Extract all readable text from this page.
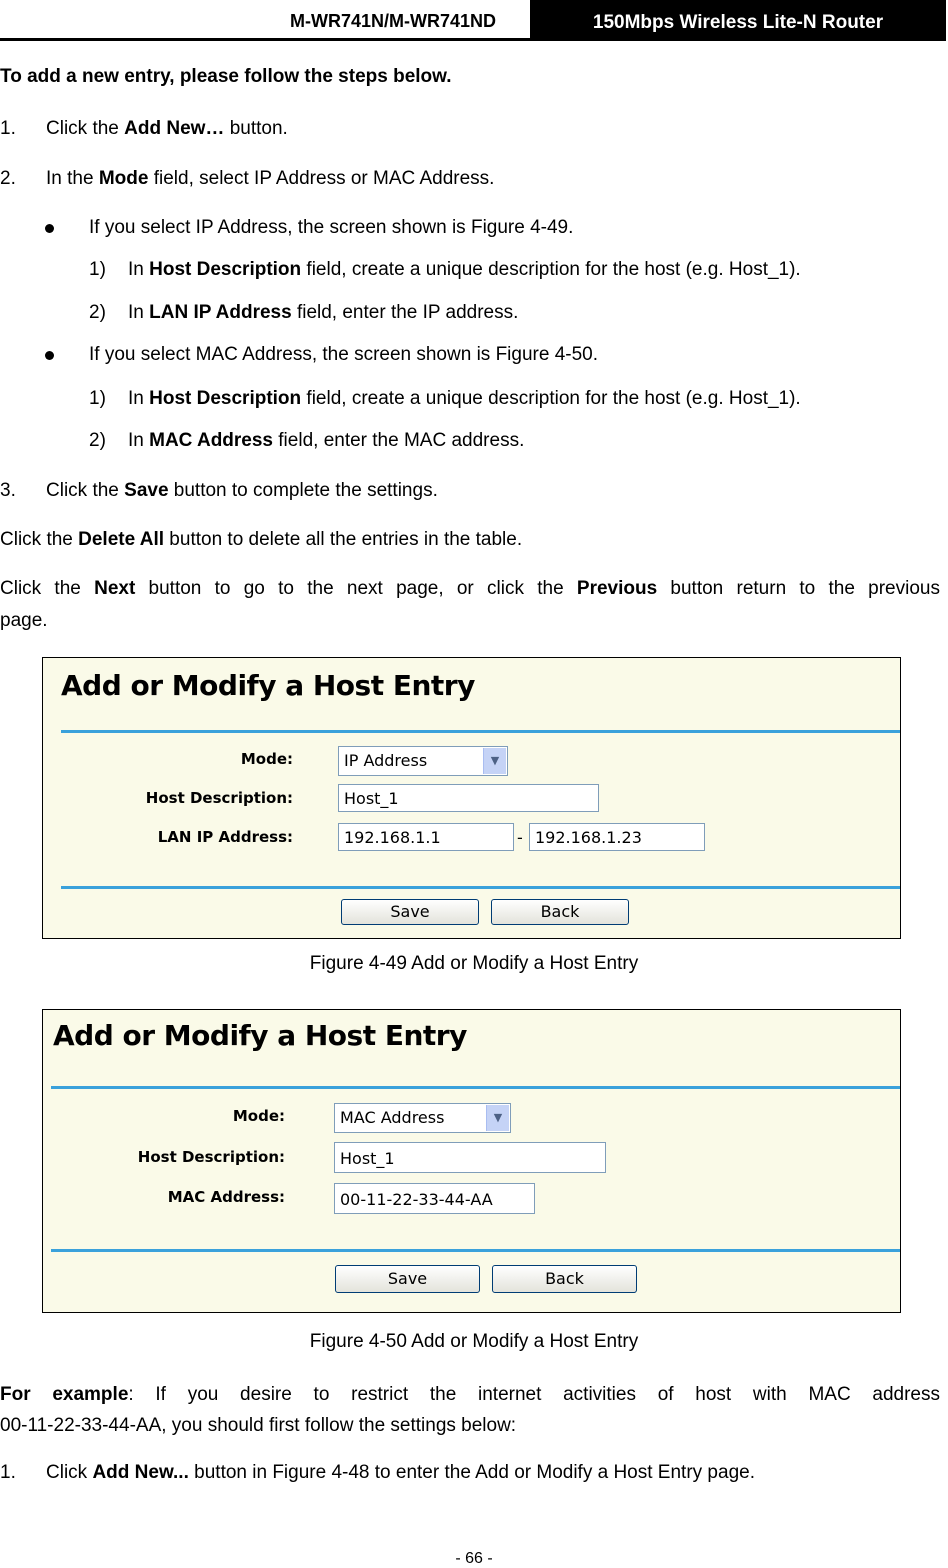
M-WR741N/M-WR741ND	150Mbps Wireless Lite-N Router
To add a new entry, please follow the steps below.
1. Click the Add New… button.
2. In the Mode field, select IP Address or MAC Address.
If you select IP Address, the screen shown is Figure 4-49.
1) In Host Description field, create a unique description for the host (e.g. Host_1).
2) In LAN IP Address field, enter the IP address.
If you select MAC Address, the screen shown is Figure 4-50.
1) In Host Description field, create a unique description for the host (e.g. Host_1).
2) In MAC Address field, enter the MAC address.
3. Click the Save button to complete the settings.
Click the Delete All button to delete all the entries in the table.
Click the Next button to go to the next page, or click the Previous button return to the previous
page.
Add or Modify a Host Entry
Mode:	IP Address	▼
Host Description:	Host_1
LAN IP Address:	192.168.1.1	- 192.168.1.23
Save	Back
Figure 4-49 Add or Modify a Host Entry
Add or Modify a Host Entry
Mode:	MAC Address	▼
Host Description:	Host_1
MAC Address:	00-11-22-33-44-AA
Save	Back
Figure 4-50 Add or Modify a Host Entry
For example: If you desire to restrict the internet activities of host with MAC address
00-11-22-33-44-AA, you should first follow the settings below:
1. Click Add New... button in Figure 4-48 to enter the Add or Modify a Host Entry page.
- 66 -
